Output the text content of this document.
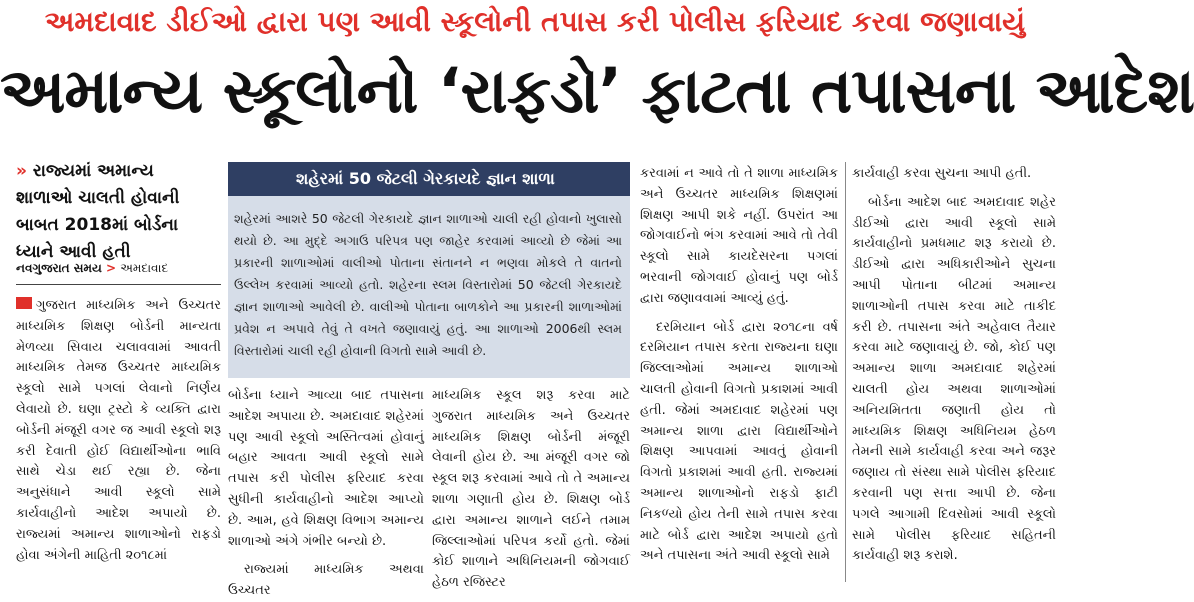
અમદાવાદ ડીઈઓ દ્વારા પણ આવી સ્કૂલોની તપાસ કરી પોલીસ ફરિયાદ કરવા જણાવાયું
અમાન્ય સ્કૂલોનો ‘રાફડો’ ફાટતા તપાસના આદેશ
» રાજ્યમાં અમાન્ય શાળાઓ ચાલતી હોવાની બાબત 2018માં બોર્ડના ધ્યાને આવી હતી
નવગુજરાત સમય > અમદાવાદ
ગુજરાત માધ્યમિક અને ઉચ્ચતર માધ્યમિક શિક્ષણ બોર્ડની માન્યતા મેળવ્યા સિવાય ચલાવવામાં આવતી માધ્યમિક તેમજ ઉચ્ચતર માધ્યમિક સ્કૂલો સામે પગલાં લેવાનો નિર્ણય લેવાયો છે. ઘણા ટ્રસ્ટો કે વ્યક્તિ દ્વારા બોર્ડની મંજૂરી વગર જ આવી સ્કૂલો શરૂ કરી દેવાતી હોઈ વિદ્યાર્થીઓના ભાવિ સાથે ચેડા થઈ રહ્યા છે. જેના અનુસંધાને આવી સ્કૂલો સામે કાર્યવાહીનો આદેશ અપાયો છે. રાજ્યમાં અમાન્ય શાળાઓનો રાફડો હોવા અંગેની માહિતી ૨૦૧૮માં
શહેરમાં 50 જેટલી ગેરકાયદે જ્ઞાન શાળા
શહેરમાં આશરે 50 જેટલી ગેરકાયદે જ્ઞાન શાળાઓ ચાલી રહી હોવાનો ખુલાસો થયો છે. આ મુદ્દે અગાઉ પરિપત્ર પણ જાહેર કરવામાં આવ્યો છે જેમાં આ પ્રકારની શાળાઓમાં વાલીઓ પોતાના સંતાનને ન ભણવા મોકલે તે વાતનો ઉલ્લેખ કરવામાં આવ્યો હતો. શહેરના સ્લમ વિસ્તારોમાં 50 જેટલી ગેરકાયદે જ્ઞાન શાળાઓ આવેલી છે. વાલીઓ પોતાના બાળકોને આ પ્રકારની શાળાઓમાં પ્રવેશ ન અપાવે તેવું તે વખતે જણાવાયું હતું. આ શાળાઓ 2006થી સ્લમ વિસ્તારોમાં ચાલી રહી હોવાની વિગતો સામે આવી છે.
બોર્ડના ધ્યાને આવ્યા બાદ તપાસના આદેશ અપાયા છે. અમદાવાદ શહેરમાં પણ આવી સ્કૂલો અસ્તિત્વમાં હોવાનું બહાર આવતા આવી સ્કૂલો સામે તપાસ કરી પોલીસ ફરિયાદ કરવા સુધીની કાર્યવાહીનો આદેશ આપ્યો છે. આમ, હવે શિક્ષણ વિભાગ અમાન્ય શાળાઓ અંગે ગંભીર બન્યો છે.
રાજ્યમાં માધ્યમિક અથવા ઉચ્ચતર
માધ્યમિક સ્કૂલ શરૂ કરવા માટે ગુજરાત માધ્યમિક અને ઉચ્ચતર માધ્યમિક શિક્ષણ બોર્ડની મંજૂરી લેવાની હોય છે. આ મંજૂરી વગર જો સ્કૂલ શરૂ કરવામાં આવે તો તે અમાન્ય શાળા ગણાતી હોય છે. શિક્ષણ બોર્ડ દ્વારા અમાન્ય શાળાને લઈને તમામ જિલ્લાઓમાં પરિપત્ર કર્યો હતો. જેમાં કોઈ શાળાને અધિનિયમની જોગવાઈ હેઠળ રજિસ્ટર
કરવામાં ન આવે તો તે શાળા માધ્યમિક અને ઉચ્ચતર માધ્યમિક શિક્ષણમાં શિક્ષણ આપી શકે નહીં. ઉપરાંત આ જોગવાઈનો ભંગ કરવામાં આવે તો તેવી સ્કૂલો સામે કાયદેસરના પગલાં ભરવાની જોગવાઈ હોવાનું પણ બોર્ડ દ્વારા જણાવવામાં આવ્યું હતું.
દરમિયાન બોર્ડ દ્વારા ૨૦૧૮ના વર્ષ દરમિયાન તપાસ કરતા રાજ્યના ઘણા જિલ્લાઓમાં અમાન્ય શાળાઓ ચાલતી હોવાની વિગતો પ્રકાશમાં આવી હતી. જેમાં અમદાવાદ શહેરમાં પણ અમાન્ય શાળા દ્વારા વિદ્યાર્થીઓને શિક્ષણ આપવામાં આવતું હોવાની વિગતો પ્રકાશમાં આવી હતી. રાજ્યમાં અમાન્ય શાળાઓનો રાફડો ફાટી નિકળ્યો હોય તેની સામે તપાસ કરવા માટે બોર્ડ દ્વારા આદેશ અપાયો હતો અને તપાસના અંતે આવી સ્કૂલો સામે
કાર્યવાહી કરવા સુચના આપી હતી.
બોર્ડના આદેશ બાદ અમદાવાદ શહેર ડીઈઓ દ્વારા આવી સ્કૂલો સામે કાર્યવાહીનો પ્રમધમાટ શરૂ કરાયો છે. ડીઈઓ દ્વારા અધિકારીઓને સુચના આપી પોતાના બીટમાં અમાન્ય શાળાઓની તપાસ કરવા માટે તાકીદ કરી છે. તપાસના અંતે અહેવાલ તૈયાર કરવા માટે જણાવાયું છે. જો, કોઈ પણ અમાન્ય શાળા અમદાવાદ શહેરમાં ચાલતી હોય અથવા શાળાઓમાં અનિયમિતતા જણાતી હોય તો માધ્યમિક શિક્ષણ અધિનિયમ હેઠળ તેમની સામે કાર્યવાહી કરવા અને જરૂર જણાય તો સંસ્થા સામે પોલીસ ફરિયાદ કરવાની પણ સત્તા આપી છે. જેના પગલે આગામી દિવસોમાં આવી સ્કૂલો સામે પોલીસ ફરિયાદ સહિતની કાર્યવાહી શરૂ કરાશે.
